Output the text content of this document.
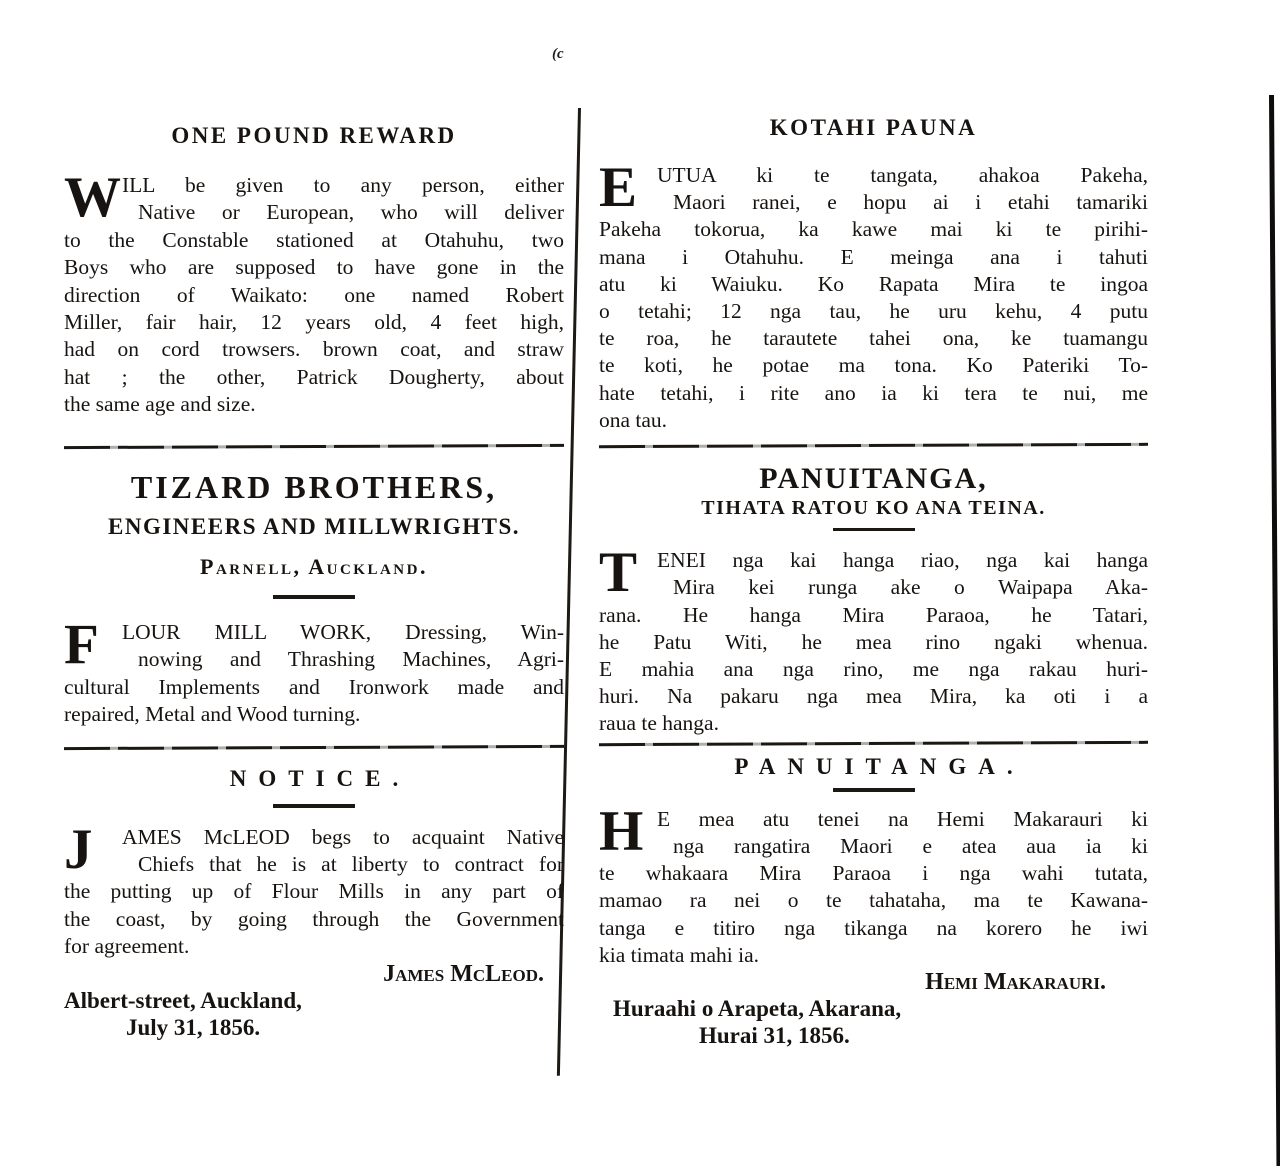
(c
ONE POUND REWARD
W ILL be given to any person, either
Native or European, who will deliver
to the Constable stationed at Otahuhu, two
Boys who are supposed to have gone in the
direction of Waikato: one named Robert
Miller, fair hair, 12 years old, 4 feet high,
had on cord trowsers. brown coat, and straw
hat ; the other, Patrick Dougherty, about
the same age and size.
TIZARD BROTHERS,
ENGINEERS AND MILLWRIGHTS.
Parnell, Auckland.
F	LOUR MILL WORK, Dressing, Win-
nowing and Thrashing Machines, Agri-
cultural Implements and Ironwork made and
repaired, Metal and Wood turning.
NOTICE.
J	AMES McLEOD begs to acquaint Native
Chiefs that he is at liberty to contract for
the putting up of Flour Mills in any part of
the coast, by going through the Government
for agreement.
James McLeod.
Albert-street, Auckland,
July 31, 1856.
KOTAHI PAUNA
E UTUA ki te tangata, ahakoa Pakeha,
Maori ranei, e hopu ai i etahi tamariki
Pakeha tokorua, ka kawe mai ki te pirihi-
mana i Otahuhu. E meinga ana i tahuti
atu ki Waiuku. Ko Rapata Mira te ingoa
o tetahi; 12 nga tau, he uru kehu, 4 putu
te roa, he tarautete tahei ona, ke tuamangu
te koti, he potae ma tona. Ko Pateriki To-
hate tetahi, i rite ano ia ki tera te nui, me
ona tau.
PANUITANGA,
TIHATA RATOU KO ANA TEINA.
T ENEI nga kai hanga riao, nga kai hanga
Mira kei runga ake o Waipapa Aka-
rana. He hanga Mira Paraoa, he Tatari,
he Patu Witi, he mea rino ngaki whenua.
E mahia ana nga rino, me nga rakau huri-
huri. Na pakaru nga mea Mira, ka oti i a
raua te hanga.
PANUITANGA.
H E mea atu tenei na Hemi Makarauri ki
nga rangatira Maori e atea aua ia ki
te whakaara Mira Paraoa i nga wahi tutata,
mamao ra nei o te tahataha, ma te Kawana-
tanga e titiro nga tikanga na korero he iwi
kia timata mahi ia.
Hemi Makarauri.
Huraahi o Arapeta, Akarana,
Hurai 31, 1856.
